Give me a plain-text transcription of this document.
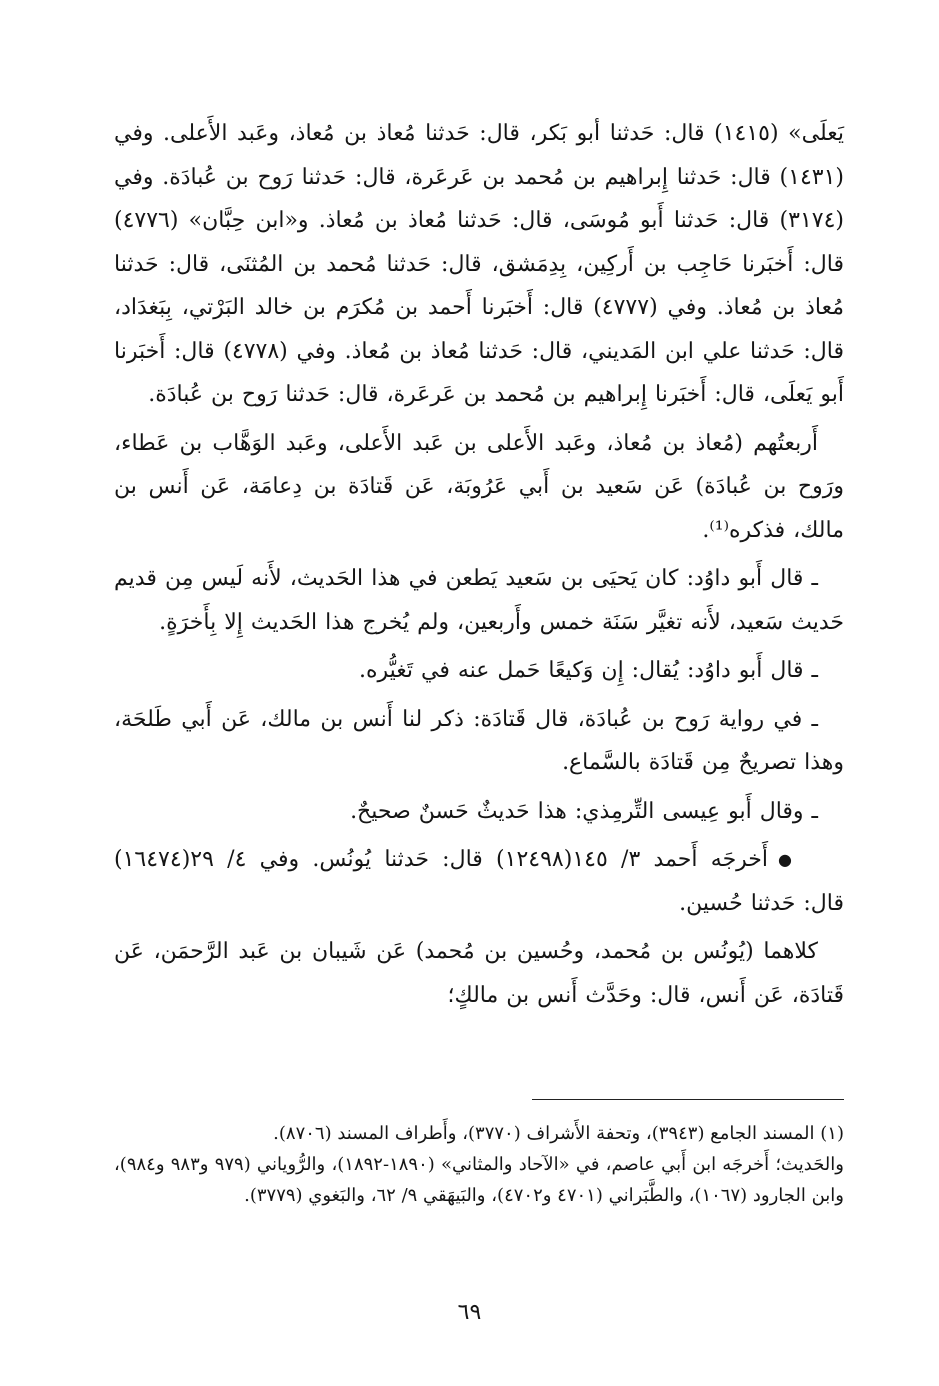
يَعلَى» (١٤١٥) قال: حَدثنا أبو بَكر، قال: حَدثنا مُعاذ بن مُعاذ، وعَبد الأَعلى. وفي (١٤٣١) قال: حَدثنا إِبراهيم بن مُحمد بن عَرعَرة، قال: حَدثنا رَوح بن عُبادَة. وفي (٣١٧٤) قال: حَدثنا أَبو مُوسَى، قال: حَدثنا مُعاذ بن مُعاذ. و«ابن حِبَّان» (٤٧٧٦) قال: أَخبَرنا حَاجِب بن أَركِين، بِدِمَشق، قال: حَدثنا مُحمد بن المُثنَى، قال: حَدثنا مُعاذ بن مُعاذ. وفي (٤٧٧٧) قال: أَخبَرنا أَحمد بن مُكرَم بن خالد البَرْتي، بِبَغدَاد، قال: حَدثنا علي ابن المَديني، قال: حَدثنا مُعاذ بن مُعاذ. وفي (٤٧٧٨) قال: أَخبَرنا أَبو يَعلَى، قال: أَخبَرنا إِبراهيم بن مُحمد بن عَرعَرة، قال: حَدثنا رَوح بن عُبادَة.

أَربعتُهم (مُعاذ بن مُعاذ، وعَبد الأَعلى بن عَبد الأَعلى، وعَبد الوَهَّاب بن عَطاء، ورَوح بن عُبادَة) عَن سَعيد بن أَبي عَرُوبَة، عَن قَتادَة بن دِعامَة، عَن أَنس بن مالك، فذكره⁽¹⁾.

ـ قال أَبو داوُد: كان يَحيَى بن سَعيد يَطعن في هذا الحَديث، لأَنه لَيس مِن قديم حَديث سَعيد، لأَنه تغيَّر سَنَة خمس وأَربعين، ولم يُخرج هذا الحَديث إِلا بِأَخرَةٍ.

ـ قال أَبو داوُد: يُقال: إِن وَكيعًا حَمل عنه في تَغيُّره.

ـ في رواية رَوح بن عُبادَة، قال قَتادَة: ذكر لنا أَنس بن مالك، عَن أَبي طَلحَة، وهذا تصريحٌ مِن قَتادَة بالسَّماع.

ـ وقال أَبو عِيسى التِّرمِذي: هذا حَديثٌ حَسنٌ صحيحٌ.

●أَخرجَه أَحمد ٣/ ١٤٥(١٢٤٩٨) قال: حَدثنا يُونُس. وفي ٤/ ٢٩(١٦٤٧٤) قال: حَدثنا حُسين.

كلاهما (يُونُس بن مُحمد، وحُسين بن مُحمد) عَن شَيبان بن عَبد الرَّحمَن، عَن قَتادَة، عَن أَنس، قال: وحَدَّث أَنس بن مالكٍ؛

(١) المسند الجامع (٣٩٤٣)، وتحفة الأَشراف (٣٧٧٠)، وأَطراف المسند (٨٧٠٦).

والحَديث؛ أَخرجَه ابن أَبي عاصم، في «الآحاد والمثاني» (١٨٩٠-١٨٩٢)، والرُّوياني (٩٧٩ و٩٨٣ و٩٨٤)، وابن الجارود (١٠٦٧)، والطَّبَراني (٤٧٠١ و٤٧٠٢)، والبَيهَقي ٩/ ٦٢، والبَغوي (٣٧٧٩).

٦٩
